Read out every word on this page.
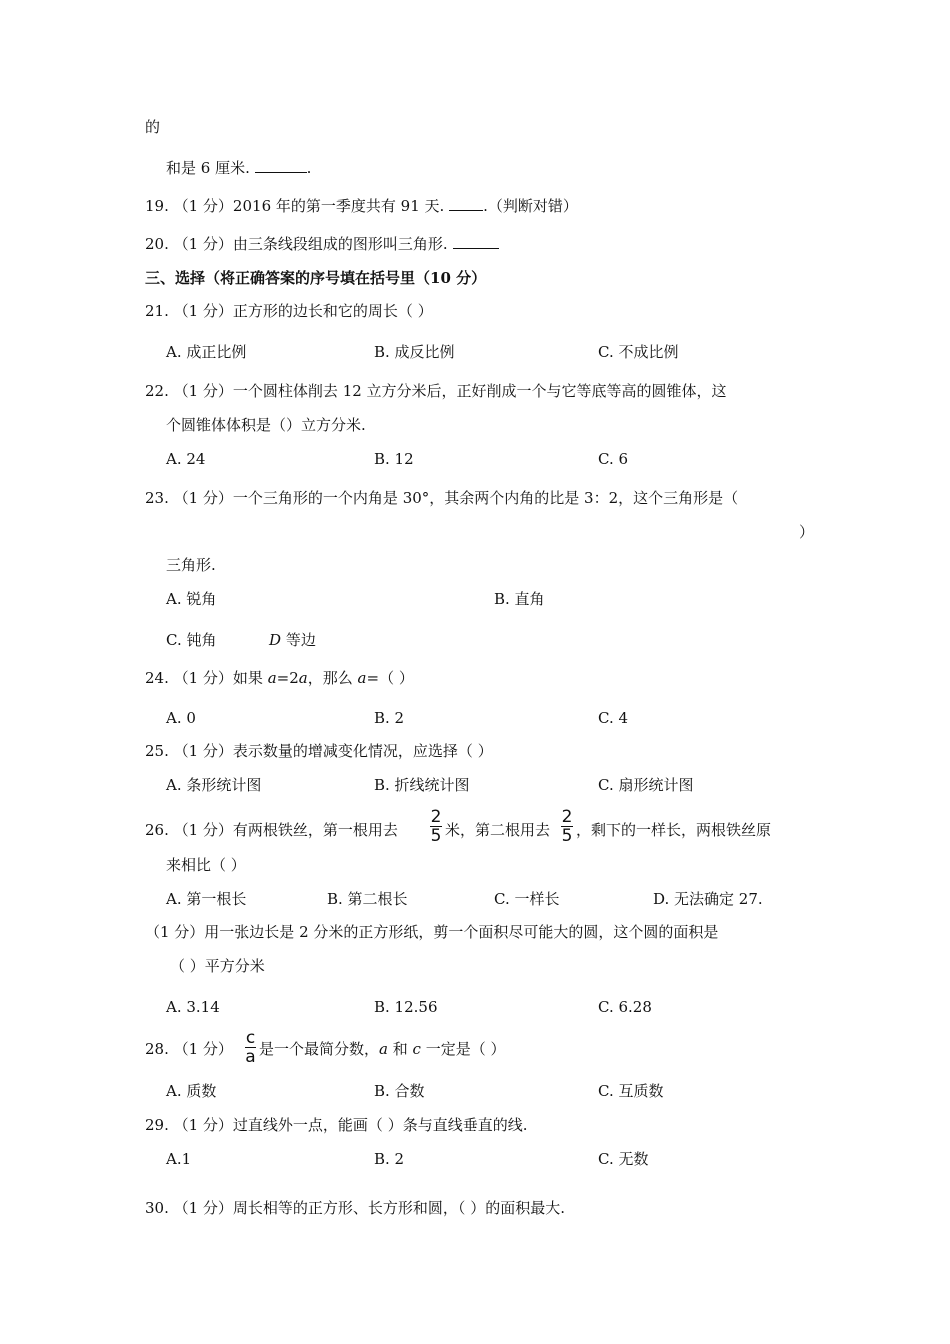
的
和是 6 厘米.	.
19. （1 分）2016 年的第一季度共有 91 天.	.（判断对错）
20. （1 分）由三条线段组成的图形叫三角形.
三、选择（将正确答案的序号填在括号里（10 分）
21. （1 分）正方形的边长和它的周长（ ）
A. 成正比例	B. 成反比例	C. 不成比例
22. （1 分）一个圆柱体削去 12 立方分米后，正好削成一个与它等底等高的圆锥体，这
个圆锥体体积是（）立方分米.
A. 24	B. 12	C. 6
23. （1 分）一个三角形的一个内角是 30°，其余两个内角的比是 3：2，这个三角形是（
）
三角形.
A. 锐角	B. 直角
C. 钝角	D 等边
24. （1 分）如果 a=2a，那么 a=（ ）
A. 0	B. 2	C. 4
25. （1 分）表示数量的增减变化情况，应选择（ ）
A. 条形统计图	B. 折线统计图	C. 扇形统计图
26. （1 分）有两根铁丝，第一根用去
2
5 米，第二根用去
2
5 ，剩下的一样长，两根铁丝原
来相比（ ）
A. 第一根长	B. 第二根长	C. 一样长	D. 无法确定 27.
（1 分）用一张边长是 2 分米的正方形纸，剪一个面积尽可能大的圆，这个圆的面积是
（ ）平方分米
A. 3.14	B. 12.56	C. 6.28
28. （1 分）
c
a 是一个最简分数，a 和 c 一定是（ ）
A. 质数	B. 合数	C. 互质数
29. （1 分）过直线外一点，能画（ ）条与直线垂直的线.
A.1	B. 2	C. 无数
30. （1 分）周长相等的正方形、长方形和圆，（ ）的面积最大.
